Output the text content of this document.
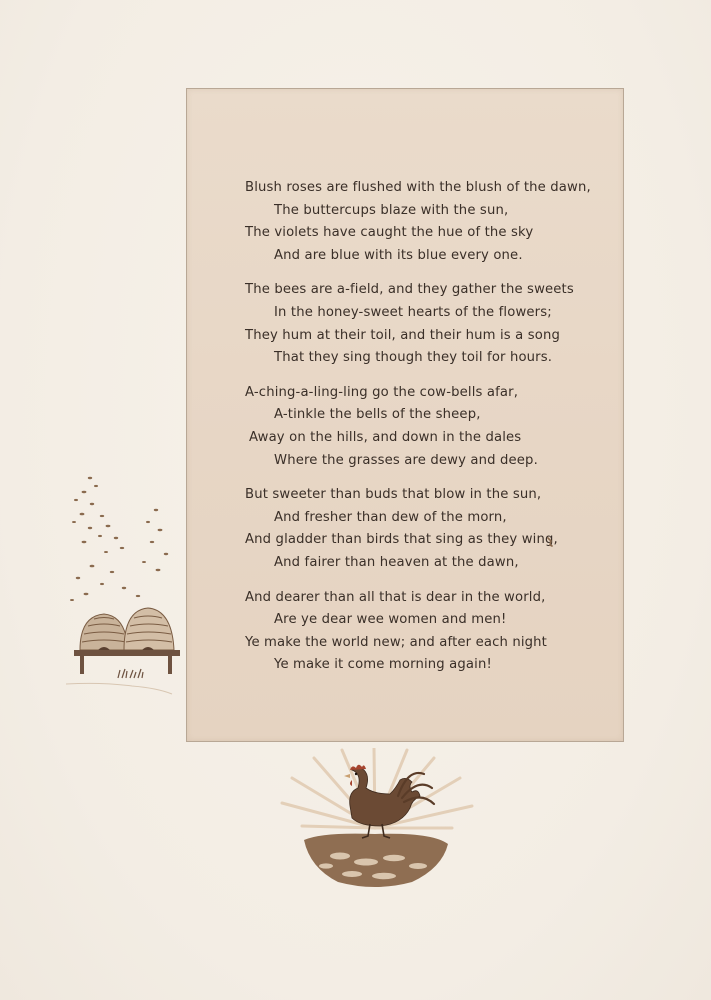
Blush roses are flushed with the blush of the dawn,
The buttercups blaze with the sun,
The violets have caught the hue of the sky
And are blue with its blue every one.
The bees are a-field, and they gather the sweets
In the honey-sweet hearts of the flowers;
They hum at their toil, and their hum is a song
That they sing though they toil for hours.
A-ching-a-ling-ling go the cow-bells afar,
A-tinkle the bells of the sheep,
Away on the hills, and down in the dales
Where the grasses are dewy and deep.
But sweeter than buds that blow in the sun,
And fresher than dew of the morn,
And gladder than birds that sing as they wing,
And fairer than heaven at the dawn,
And dearer than all that is dear in the world,
Are ye dear wee women and men!
Ye make the world new; and after each night
Ye make it come morning again!
